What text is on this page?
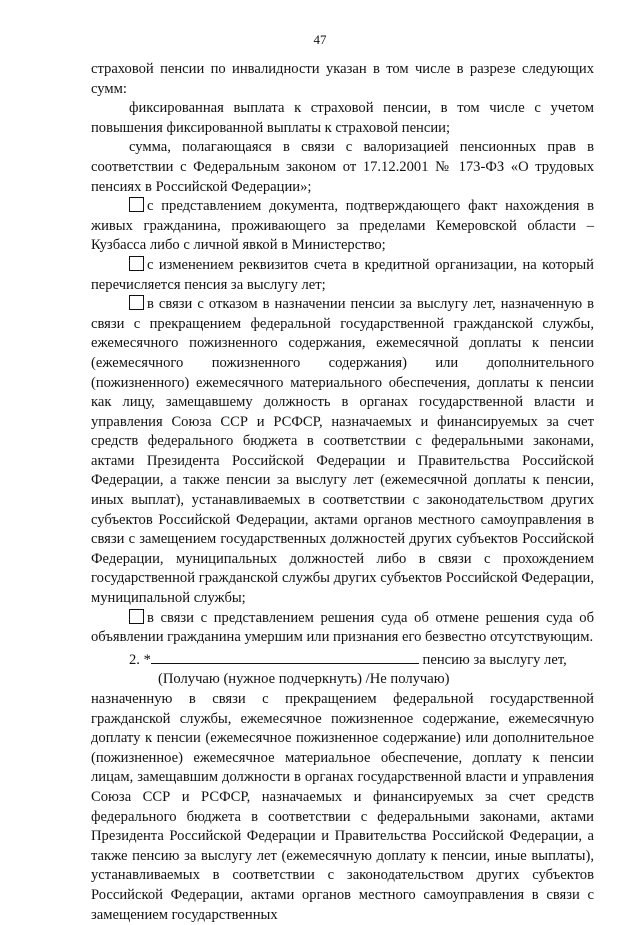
47

страховой пенсии по инвалидности указан в том числе в разрезе следующих сумм:

фиксированная выплата к страховой пенсии, в том числе с учетом повышения фиксированной выплаты к страховой пенсии;

сумма, полагающаяся в связи с валоризацией пенсионных прав в соответствии с Федеральным законом от 17.12.2001 № 173-ФЗ «О трудовых пенсиях в Российской Федерации»;

с представлением документа, подтверждающего факт нахождения в живых гражданина, проживающего за пределами Кемеровской области – Кузбасса либо с личной явкой в Министерство;

с изменением реквизитов счета в кредитной организации, на который перечисляется пенсия за выслугу лет;

в связи с отказом в назначении пенсии за выслугу лет, назначенную в связи с прекращением федеральной государственной гражданской службы, ежемесячного пожизненного содержания, ежемесячной доплаты к пенсии (ежемесячного пожизненного содержания) или дополнительного (пожизненного) ежемесячного материального обеспечения, доплаты к пенсии как лицу, замещавшему должность в органах государственной власти и управления Союза ССР и РСФСР, назначаемых и финансируемых за счет средств федерального бюджета в соответствии с федеральными законами, актами Президента Российской Федерации и Правительства Российской Федерации, а также пенсии за выслугу лет (ежемесячной доплаты к пенсии, иных выплат), устанавливаемых в соответствии с законодательством других субъектов Российской Федерации, актами органов местного самоуправления в связи с замещением государственных должностей других субъектов Российской Федерации, муниципальных должностей либо в связи с прохождением государственной гражданской службы других субъектов Российской Федерации, муниципальной службы;

в связи с представлением решения суда об отмене решения суда об объявлении гражданина умершим или признания его безвестно отсутствующим.

2. *	пенсию за выслугу лет,

(Получаю (нужное подчеркнуть) /Не получаю)

назначенную в связи с прекращением федеральной государственной гражданской службы, ежемесячное пожизненное содержание, ежемесячную доплату к пенсии (ежемесячное пожизненное содержание) или дополнительное (пожизненное) ежемесячное материальное обеспечение, доплату к пенсии лицам, замещавшим должности в органах государственной власти и управления Союза ССР и РСФСР, назначаемых и финансируемых за счет средств федерального бюджета в соответствии с федеральными законами, актами Президента Российской Федерации и Правительства Российской Федерации, а также пенсию за выслугу лет (ежемесячную доплату к пенсии, иные выплаты), устанавливаемых в соответствии с законодательством других субъектов Российской Федерации, актами органов местного самоуправления в связи с замещением государственных
